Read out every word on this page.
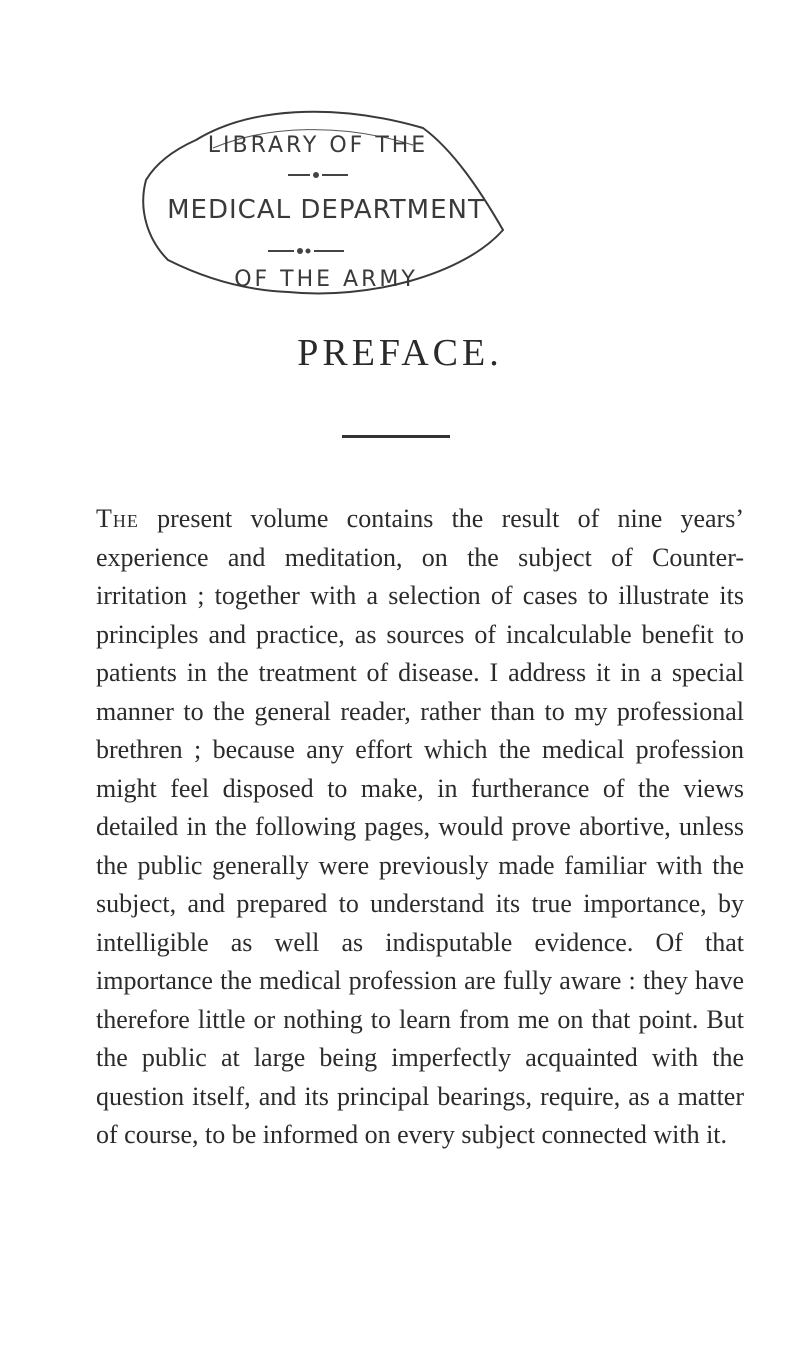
LIBRARY OF THE
MEDICAL DEPARTMENT
OF THE ARMY
PREFACE.

The present volume contains the result of nine years’ experience and meditation, on the subject of Counter-irritation ; together with a selection of cases to illustrate its principles and practice, as sources of incalculable benefit to patients in the treatment of disease. I address it in a special manner to the general reader, rather than to my professional brethren ; because any effort which the medical profession might feel disposed to make, in furtherance of the views detailed in the following pages, would prove abortive, unless the public generally were previously made familiar with the subject, and prepared to understand its true importance, by intelligible as well as indisputable evidence. Of that importance the medical profession are fully aware : they have therefore little or nothing to learn from me on that point. But the public at large being imperfectly acquainted with the question itself, and its principal bearings, require, as a matter of course, to be informed on every subject connected with it.
